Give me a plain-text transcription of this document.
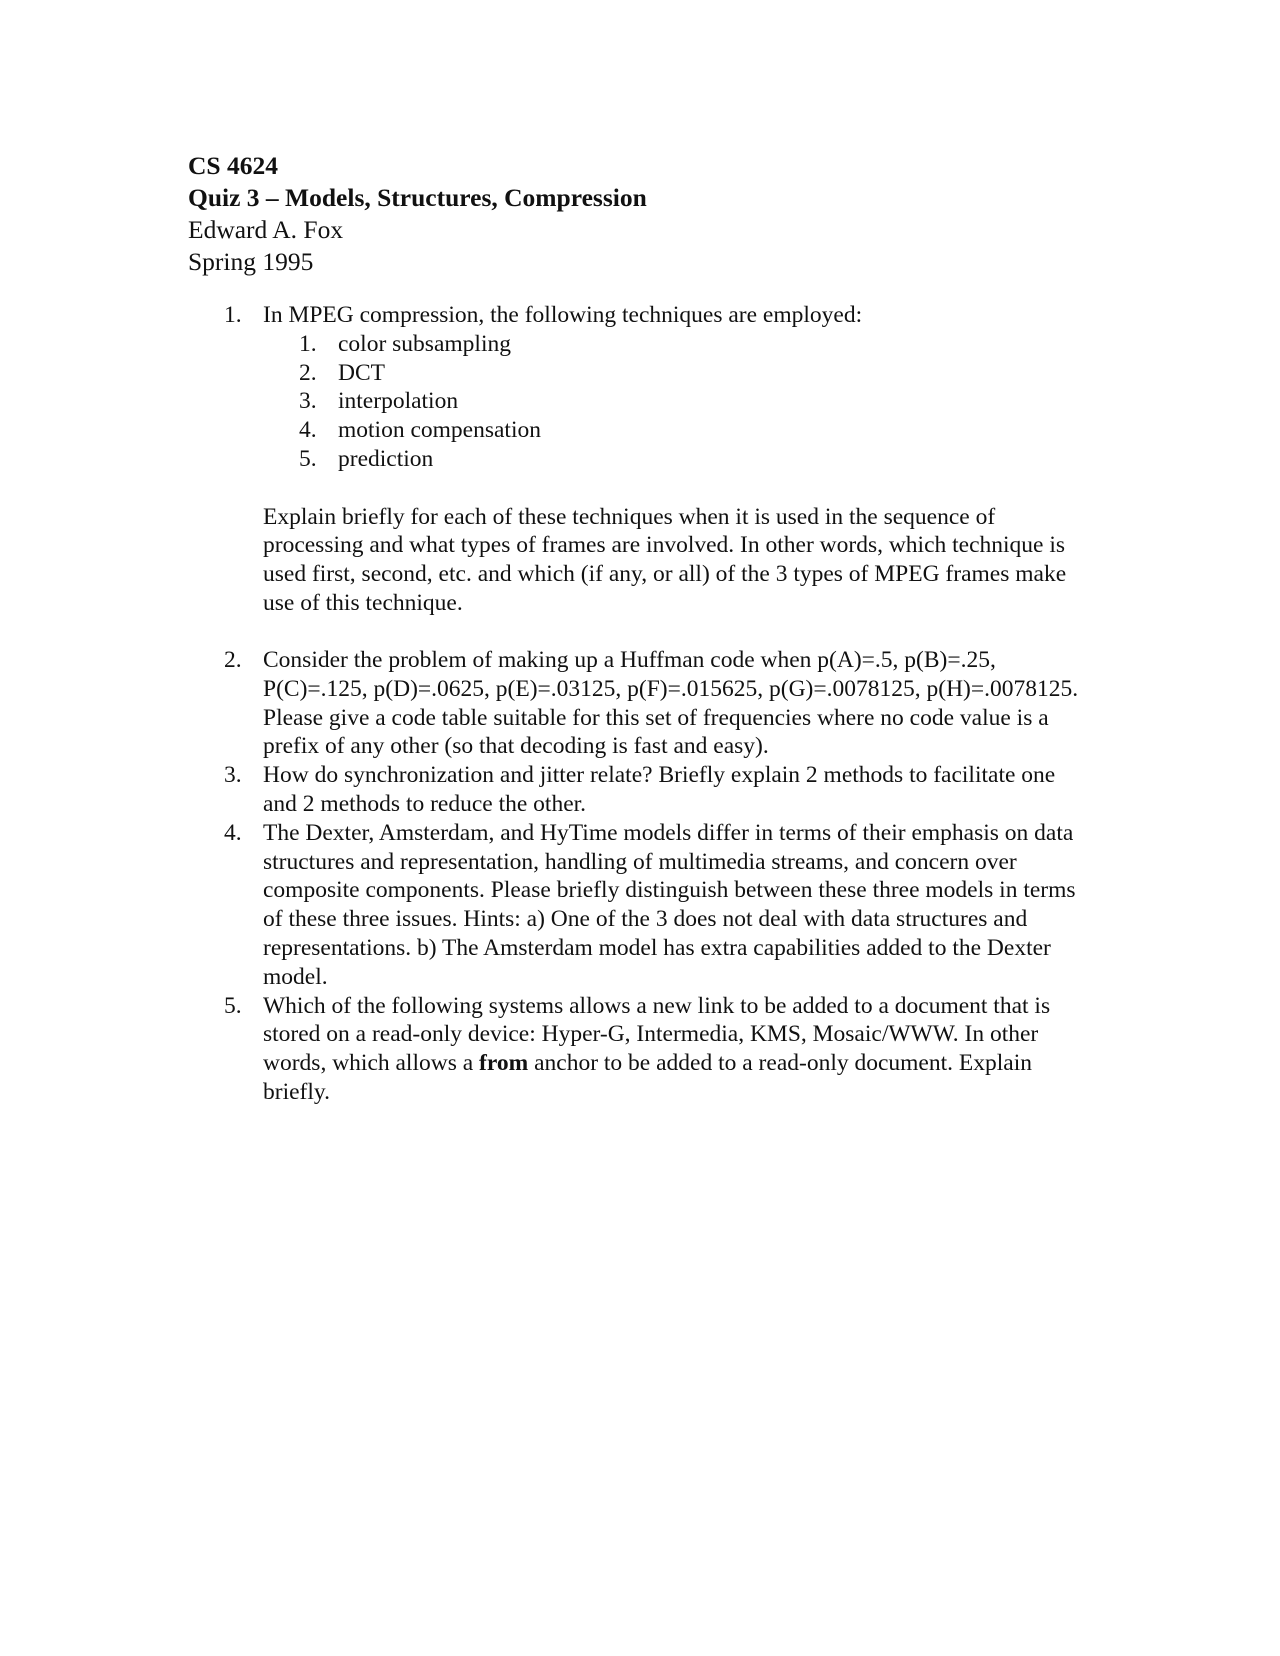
CS 4624
Quiz 3 – Models, Structures, Compression
Edward A. Fox
Spring 1995
1. In MPEG compression, the following techniques are employed:
1. color subsampling
2. DCT
3. interpolation
4. motion compensation
5. prediction
Explain briefly for each of these techniques when it is used in the sequence of processing and what types of frames are involved. In other words, which technique is used first, second, etc. and which (if any, or all) of the 3 types of MPEG frames make use of this technique.
2. Consider the problem of making up a Huffman code when p(A)=.5, p(B)=.25, P(C)=.125, p(D)=.0625, p(E)=.03125, p(F)=.015625, p(G)=.0078125, p(H)=.0078125. Please give a code table suitable for this set of frequencies where no code value is a prefix of any other (so that decoding is fast and easy).
3. How do synchronization and jitter relate? Briefly explain 2 methods to facilitate one and 2 methods to reduce the other.
4. The Dexter, Amsterdam, and HyTime models differ in terms of their emphasis on data structures and representation, handling of multimedia streams, and concern over composite components. Please briefly distinguish between these three models in terms of these three issues. Hints: a) One of the 3 does not deal with data structures and representations. b) The Amsterdam model has extra capabilities added to the Dexter model.
5. Which of the following systems allows a new link to be added to a document that is stored on a read-only device: Hyper-G, Intermedia, KMS, Mosaic/WWW. In other words, which allows a from anchor to be added to a read-only document. Explain briefly.
